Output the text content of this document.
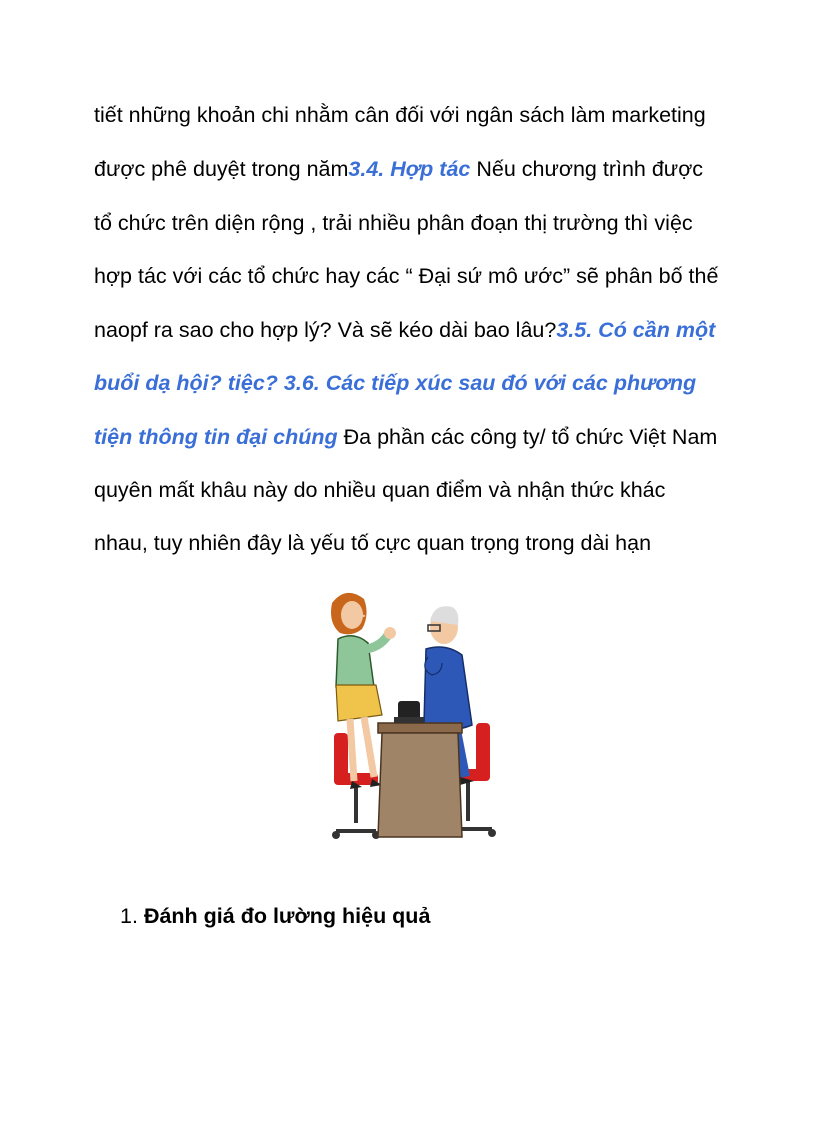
tiết những khoản chi nhằm cân đối với ngân sách làm marketing
được phê duyệt trong năm3.4. Hợp tác Nếu chương trình được
tổ chức trên diện rộng , trải nhiều phân đoạn thị trường thì việc
hợp tác với các tổ chức hay các “ Đại sứ mô ước” sẽ phân bố thế
naopf ra sao cho hợp lý? Và sẽ kéo dài bao lâu?3.5. Có cần một
buổi dạ hội? tiệc? 3.6. Các tiếp xúc sau đó với các phương
tiện thông tin đại chúng Đa phần các công ty/ tổ chức Việt Nam
quyên mất khâu này do nhiều quan điểm và nhận thức khác
nhau, tuy nhiên đây là yếu tố cực quan trọng trong dài hạn
1. Đánh giá đo lường hiệu quả
